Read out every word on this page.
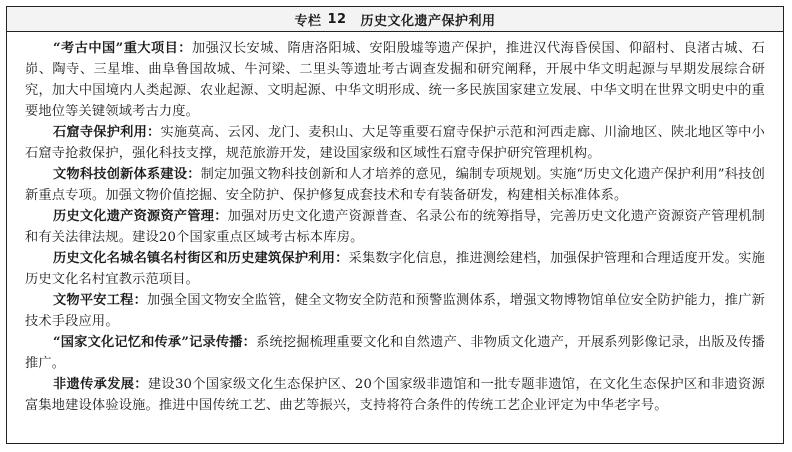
专栏 12 历史文化遗产保护利用

“考古中国”重大项目：加强汉长安城、隋唐洛阳城、安阳殷墟等遗产保护，推进汉代海昏侯国、仰韶村、良渚古城、石峁、陶寺、三星堆、曲阜鲁国故城、牛河梁、二里头等遗址考古调查发掘和研究阐释，开展中华文明起源与早期发展综合研究，加大中国境内人类起源、农业起源、文明起源、中华文明形成、统一多民族国家建立发展、中华文明在世界文明史中的重要地位等关键领域考古力度。

石窟寺保护利用：实施莫高、云冈、龙门、麦积山、大足等重要石窟寺保护示范和河西走廊、川渝地区、陕北地区等中小石窟寺抢救保护，强化科技支撑，规范旅游开发，建设国家级和区域性石窟寺保护研究管理机构。

文物科技创新体系建设：制定加强文物科技创新和人才培养的意见，编制专项规划。实施“历史文化遗产保护利用”科技创新重点专项。加强文物价值挖掘、安全防护、保护修复成套技术和专有装备研发，构建相关标准体系。

历史文化遗产资源资产管理：加强对历史文化遗产资源普查、名录公布的统筹指导，完善历史文化遗产资源资产管理机制和有关法律法规。建设20个国家重点区域考古标本库房。

历史文化名城名镇名村街区和历史建筑保护利用：采集数字化信息，推进测绘建档，加强保护管理和合理适度开发。实施历史文化名村宜教示范项目。

文物平安工程：加强全国文物安全监管，健全文物安全防范和预警监测体系，增强文物博物馆单位安全防护能力，推广新技术手段应用。

“国家文化记忆和传承”记录传播：系统挖掘梳理重要文化和自然遗产、非物质文化遗产，开展系列影像记录，出版及传播推广。

非遗传承发展：建设30个国家级文化生态保护区、20个国家级非遗馆和一批专题非遗馆，在文化生态保护区和非遗资源富集地建设体验设施。推进中国传统工艺、曲艺等振兴，支持将符合条件的传统工艺企业评定为中华老字号。
